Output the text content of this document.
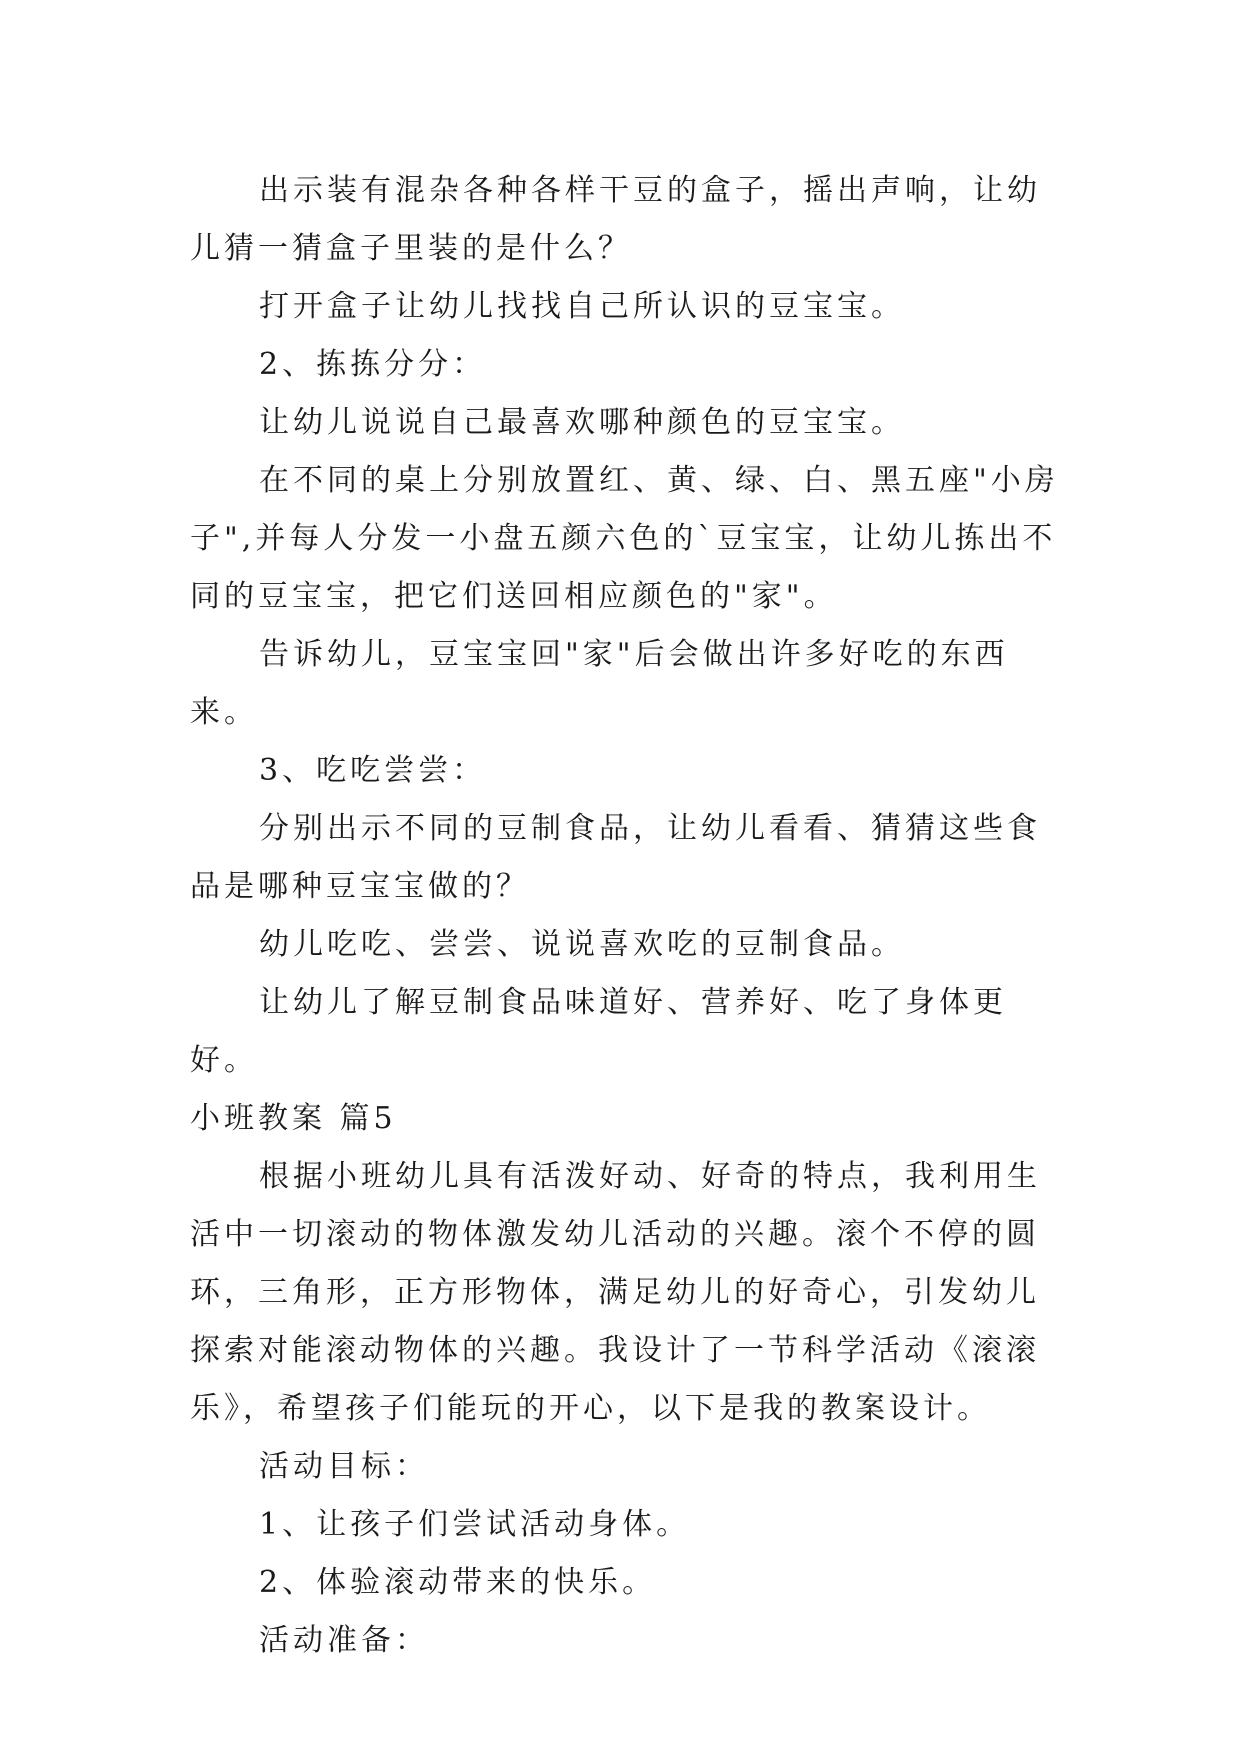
出示装有混杂各种各样干豆的盒子，摇出声响，让幼儿猜一猜盒子里装的是什么？

打开盒子让幼儿找找自己所认识的豆宝宝。

2、拣拣分分：

让幼儿说说自己最喜欢哪种颜色的豆宝宝。

在不同的桌上分别放置红、黄、绿、白、黑五座"小房子",并每人分发一小盘五颜六色的`豆宝宝，让幼儿拣出不同的豆宝宝，把它们送回相应颜色的"家"。

告诉幼儿，豆宝宝回"家"后会做出许多好吃的东西来。

3、吃吃尝尝：

分别出示不同的豆制食品，让幼儿看看、猜猜这些食品是哪种豆宝宝做的？

幼儿吃吃、尝尝、说说喜欢吃的豆制食品。

让幼儿了解豆制食品味道好、营养好、吃了身体更好。

小班教案 篇5

根据小班幼儿具有活泼好动、好奇的特点，我利用生活中一切滚动的物体激发幼儿活动的兴趣。滚个不停的圆环，三角形，正方形物体，满足幼儿的好奇心，引发幼儿探索对能滚动物体的兴趣。我设计了一节科学活动《滚滚乐》，希望孩子们能玩的开心，以下是我的教案设计。

活动目标：

1、让孩子们尝试活动身体。

2、体验滚动带来的快乐。

活动准备：
